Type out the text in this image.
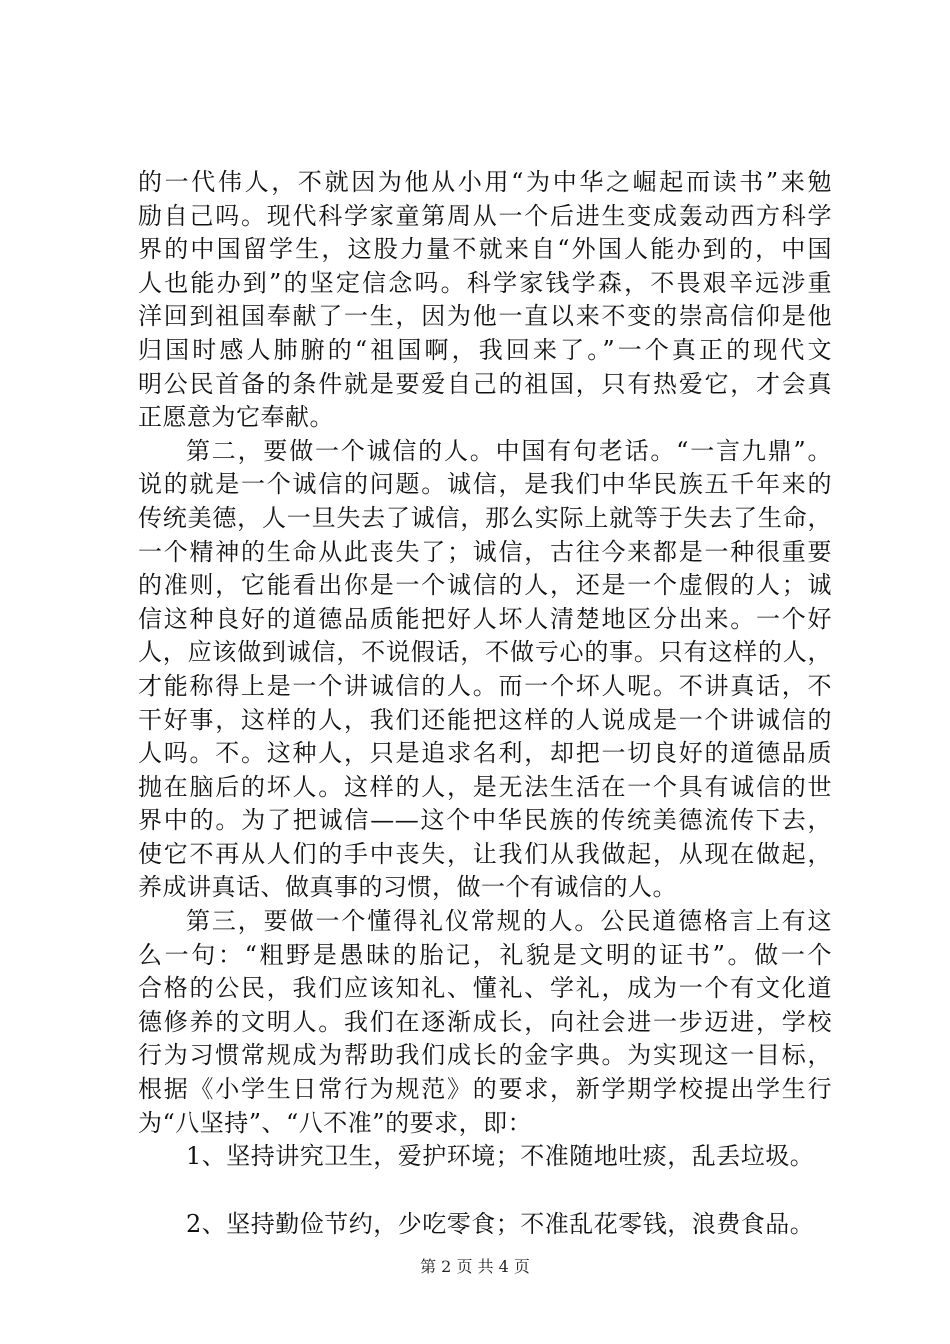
的一代伟人，不就因为他从小用“为中华之崛起而读书”来勉
励自己吗。现代科学家童第周从一个后进生变成轰动西方科学
界的中国留学生，这股力量不就来自“外国人能办到的，中国
人也能办到”的坚定信念吗。科学家钱学森，不畏艰辛远涉重
洋回到祖国奉献了一生，因为他一直以来不变的崇高信仰是他
归国时感人肺腑的“祖国啊，我回来了。”一个真正的现代文
明公民首备的条件就是要爱自己的祖国，只有热爱它，才会真
正愿意为它奉献。
第二，要做一个诚信的人。中国有句老话。“一言九鼎”。
说的就是一个诚信的问题。诚信，是我们中华民族五千年来的
传统美德，人一旦失去了诚信，那么实际上就等于失去了生命，
一个精神的生命从此丧失了；诚信，古往今来都是一种很重要
的准则，它能看出你是一个诚信的人，还是一个虚假的人；诚
信这种良好的道德品质能把好人坏人清楚地区分出来。一个好
人，应该做到诚信，不说假话，不做亏心的事。只有这样的人，
才能称得上是一个讲诚信的人。而一个坏人呢。不讲真话，不
干好事，这样的人，我们还能把这样的人说成是一个讲诚信的
人吗。不。这种人，只是追求名利，却把一切良好的道德品质
抛在脑后的坏人。这样的人，是无法生活在一个具有诚信的世
界中的。为了把诚信——这个中华民族的传统美德流传下去，
使它不再从人们的手中丧失，让我们从我做起，从现在做起，
养成讲真话、做真事的习惯，做一个有诚信的人。
第三，要做一个懂得礼仪常规的人。公民道德格言上有这
么一句：“粗野是愚昧的胎记，礼貌是文明的证书”。做一个
合格的公民，我们应该知礼、懂礼、学礼，成为一个有文化道
德修养的文明人。我们在逐渐成长，向社会进一步迈进，学校
行为习惯常规成为帮助我们成长的金字典。为实现这一目标，
根据《小学生日常行为规范》的要求，新学期学校提出学生行
为“八坚持”、“八不准”的要求，即：
1、坚持讲究卫生，爱护环境；不准随地吐痰，乱丢垃圾。
2、坚持勤俭节约，少吃零食；不准乱花零钱，浪费食品。
第 2 页 共 4 页
